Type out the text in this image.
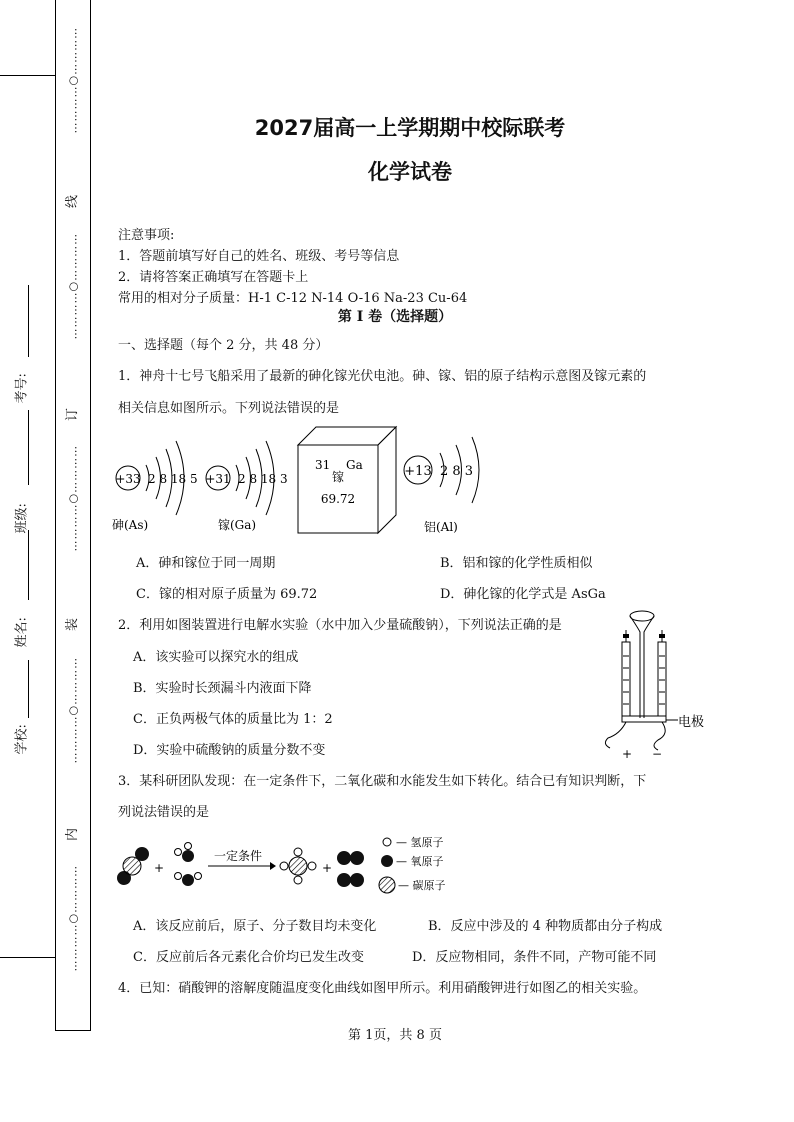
…………○…………
…………○…………
…………○…………
…………○…………
…………○…………
线
订
装
内
学校:
姓名:
班级:
考号:
2027届高一上学期期中校际联考
化学试卷
注意事项:
1．答题前填写好自己的姓名、班级、考号等信息
2．请将答案正确填写在答题卡上
常用的相对分子质量：H-1 C-12 N-14 O-16 Na-23 Cu-64
第 I 卷（选择题）
一、选择题（每个 2 分，共 48 分）
1．神舟十七号飞船采用了最新的砷化镓光伏电池。砷、镓、铝的原子结构示意图及镓元素的
相关信息如图所示。下列说法错误的是
+33 2 8 18 5
砷(As)
+31 2 8 18 3
镓(Ga)
31 Ga
镓
69.72
+13 2 8 3
铝(Al)
A．砷和镓位于同一周期	B．铝和镓的化学性质相似
C．镓的相对原子质量为 69.72	D．砷化镓的化学式是 AsGa
2．利用如图装置进行电解水实验（水中加入少量硫酸钠），下列说法正确的是
A．该实验可以探究水的组成
B．实验时长颈漏斗内液面下降
C．正负两极气体的质量比为 1：2
D．实验中硫酸钠的质量分数不变
电极
+ −
3．某科研团队发现：在一定条件下，二氧化碳和水能发生如下转化。结合已有知识判断，下
列说法错误的是
+
一定条件
+
— 氢原子
— 氧原子
— 碳原子
A．该反应前后，原子、分子数目均未变化	B．反应中涉及的 4 种物质都由分子构成
C．反应前后各元素化合价均已发生改变	D．反应物相同，条件不同，产物可能不同
4．已知：硝酸钾的溶解度随温度变化曲线如图甲所示。利用硝酸钾进行如图乙的相关实验。
第 1页，共 8 页
